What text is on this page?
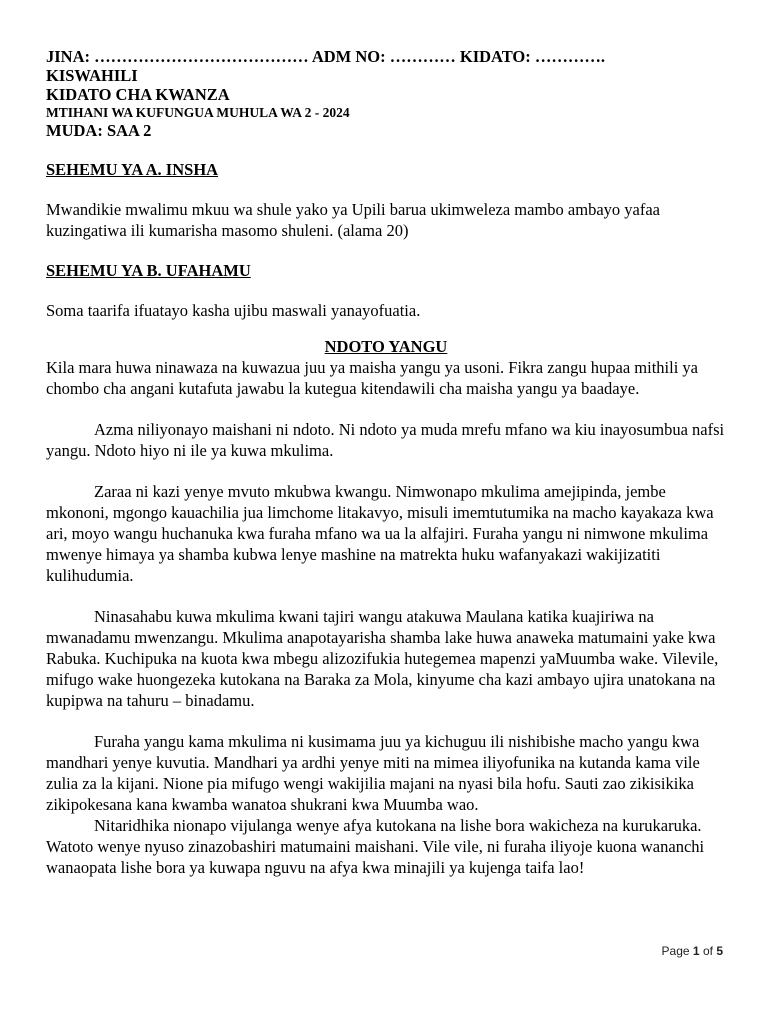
JINA: ………………………………… ADM NO: ………… KIDATO: ………….

KISWAHILI

KIDATO CHA KWANZA

MTIHANI WA KUFUNGUA MUHULA WA 2 - 2024

MUDA: SAA 2

SEHEMU YA A. INSHA

Mwandikie mwalimu mkuu wa shule yako ya Upili barua ukimweleza mambo ambayo yafaa kuzingatiwa ili kumarisha masomo shuleni. (alama 20)

SEHEMU YA B. UFAHAMU

Soma taarifa ifuatayo kasha ujibu maswali yanayofuatia.

NDOTO YANGU

Kila mara huwa ninawaza na kuwazua juu ya maisha yangu ya usoni. Fikra zangu hupaa mithili ya chombo cha angani kutafuta jawabu la kutegua kitendawili cha maisha yangu ya baadaye.

Azma niliyonayo maishani ni ndoto. Ni ndoto ya muda mrefu mfano wa kiu inayosumbua nafsi yangu. Ndoto hiyo ni ile ya kuwa mkulima.

Zaraa ni kazi yenye mvuto mkubwa kwangu. Nimwonapo mkulima amejipinda, jembe mkononi, mgongo kauachilia jua limchome litakavyo, misuli imemtutumika na macho kayakaza kwa ari, moyo wangu huchanuka kwa furaha mfano wa ua la alfajiri. Furaha yangu ni nimwone mkulima mwenye himaya ya shamba kubwa lenye mashine na matrekta huku wafanyakazi wakijizatiti kulihudumia.

Ninasahabu kuwa mkulima kwani tajiri wangu atakuwa Maulana katika kuajiriwa na mwanadamu mwenzangu. Mkulima anapotayarisha shamba lake huwa anaweka matumaini yake kwa Rabuka. Kuchipuka na kuota kwa mbegu alizozifukia hutegemea mapenzi yaMuumba wake. Vilevile, mifugo wake huongezeka kutokana na Baraka za Mola, kinyume cha kazi ambayo ujira unatokana na kupipwa na tahuru – binadamu.

Furaha yangu kama mkulima ni kusimama juu ya kichuguu ili nishibishe macho yangu kwa mandhari yenye kuvutia. Mandhari ya ardhi yenye miti na mimea iliyofunika na kutanda kama vile zulia za la kijani. Nione pia mifugo wengi wakijilia majani na nyasi bila hofu. Sauti zao zikisikika zikipokesana kana kwamba wanatoa shukrani kwa Muumba wao.

Nitaridhika nionapo vijulanga wenye afya kutokana na lishe bora wakicheza na kurukaruka. Watoto wenye nyuso zinazobashiri matumaini maishani. Vile vile, ni furaha iliyoje kuona wananchi wanaopata lishe bora ya kuwapa nguvu na afya kwa minajili ya kujenga taifa lao!

Page 1 of 5
